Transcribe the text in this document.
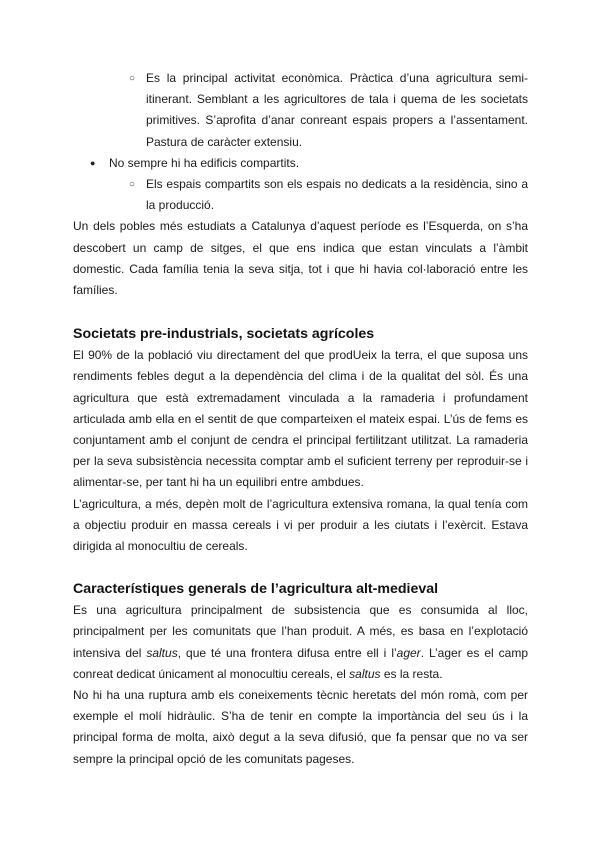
○ Es la principal activitat econòmica. Pràctica d’una agricultura semi-itinerant. Semblant a les agricultores de tala i quema de les societats primitives. S’aprofita d’anar conreant espais propers a l’assentament. Pastura de caràcter extensiu.

● No sempre hi ha edificis compartits.

○ Els espais compartits son els espais no dedicats a la residència, sino a la producció.

Un dels pobles més estudiats a Catalunya d’aquest període es l’Esquerda, on s’ha descobert un camp de sitges, el que ens indica que estan vinculats a l’àmbit domestic. Cada família tenia la seva sitja, tot i que hi havia col·laboració entre les famílies.

Societats pre-industrials, societats agrícoles

El 90% de la població viu directament del que prodUeix la terra, el que suposa uns rendiments febles degut a la dependència del clima i de la qualitat del sòl. És una agricultura que està extremadament vinculada a la ramaderia i profundament articulada amb ella en el sentit de que comparteixen el mateix espai. L’ús de fems es conjuntament amb el conjunt de cendra el principal fertilitzant utilitzat. La ramaderia per la seva subsistència necessita comptar amb el suficient terreny per reproduir-se i alimentar-se, per tant hi ha un equilibri entre ambdues.

L’agricultura, a més, depèn molt de l’agricultura extensiva romana, la qual tenía com a objectiu produir en massa cereals i vi per produir a les ciutats i l’exèrcit. Estava dirigida al monocultiu de cereals.

Característiques generals de l’agricultura alt-medieval

Es una agricultura principalment de subsistencia que es consumida al lloc, principalment per les comunitats que l’han produit. A més, es basa en l’explotació intensiva del saltus, que té una frontera difusa entre ell i l’ager. L’ager es el camp conreat dedicat únicament al monocultiu cereals, el saltus es la resta.

No hi ha una ruptura amb els coneixements tècnic heretats del món romà, com per exemple el molí hidràulic. S’ha de tenir en compte la importància del seu ús i la principal forma de molta, això degut a la seva difusió, que fa pensar que no va ser sempre la principal opció de les comunitats pageses.
